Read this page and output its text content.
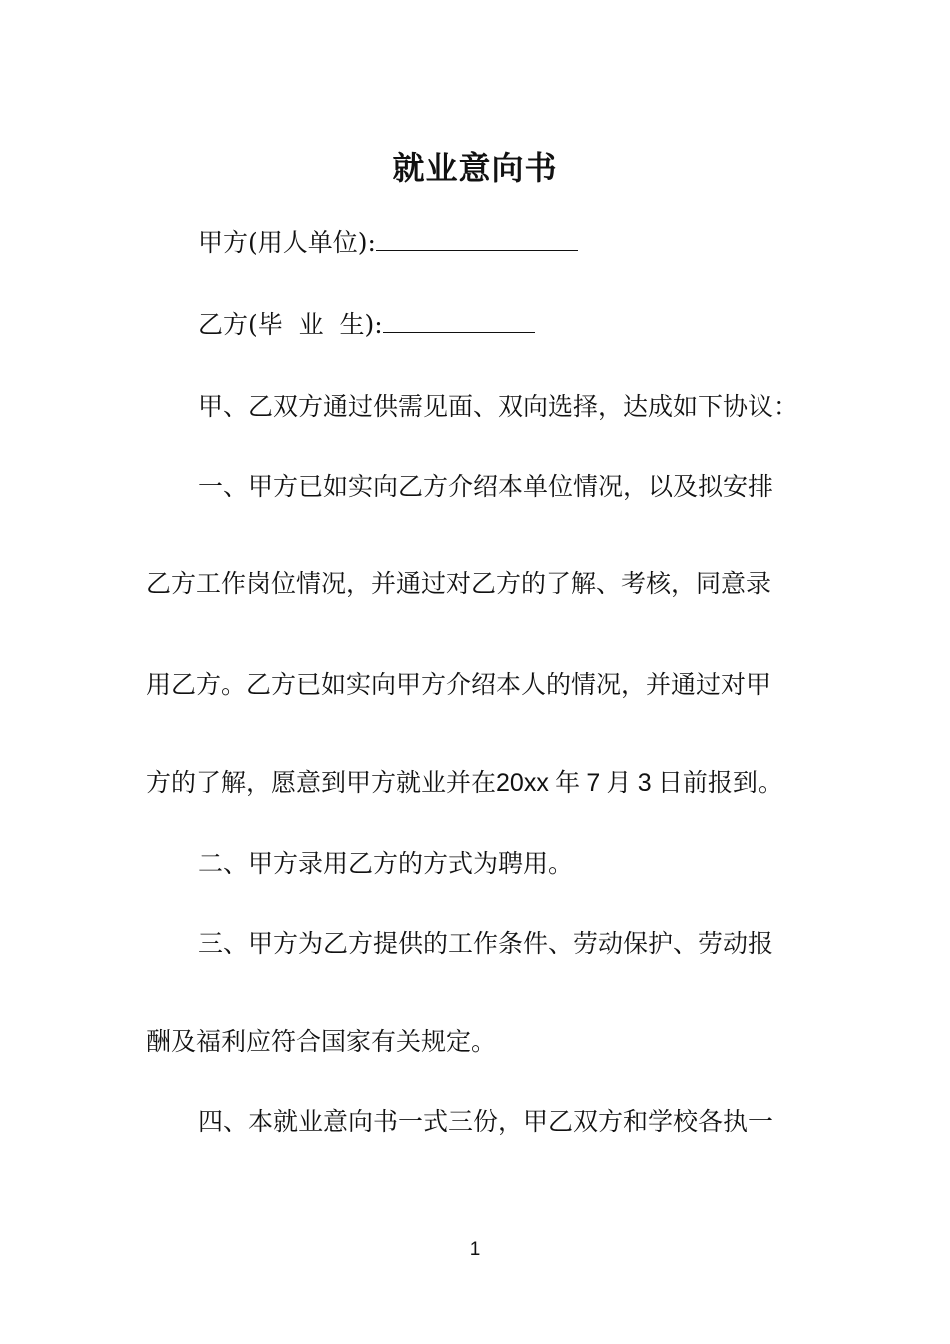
就业意向书
甲方(用人单位):
乙方(毕  业  生):
甲、乙双方通过供需见面、双向选择，达成如下协议：
一、甲方已如实向乙方介绍本单位情况，以及拟安排
乙方工作岗位情况，并通过对乙方的了解、考核，同意录
用乙方。乙方已如实向甲方介绍本人的情况，并通过对甲
方的了解，愿意到甲方就业并在20xx  年  7  月  3  日前报到。
二、甲方录用乙方的方式为聘用。
三、甲方为乙方提供的工作条件、劳动保护、劳动报
酬及福利应符合国家有关规定。
四、本就业意向书一式三份，甲乙双方和学校各执一
1
